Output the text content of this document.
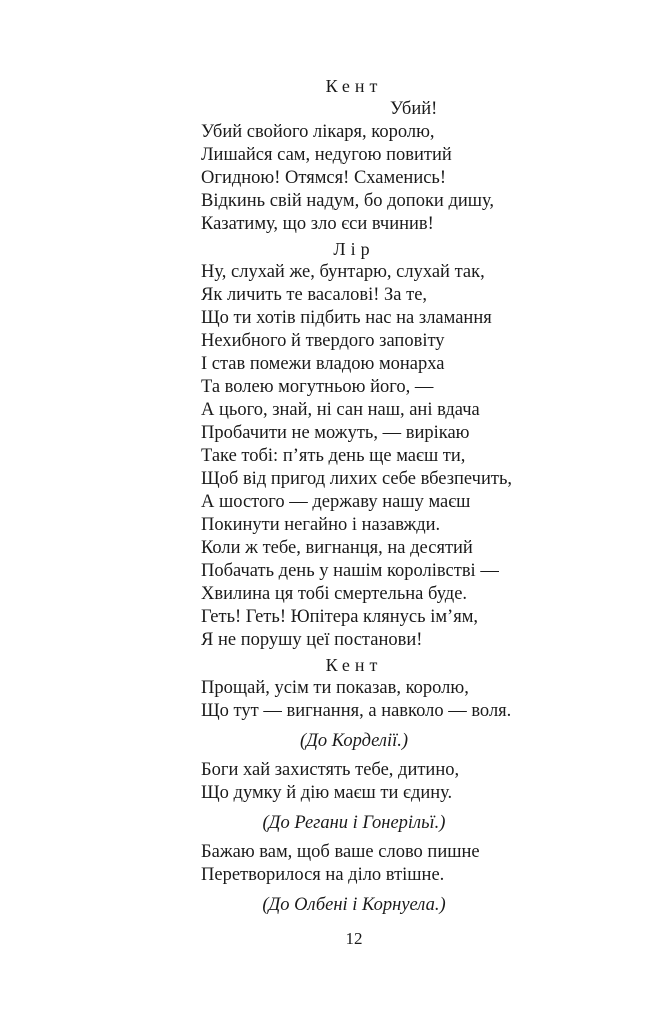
Кент
Убий!
Убий свойого лікаря, королю,
Лишайся сам, недугою повитий
Огидною! Отямся! Схаменись!
Відкинь свій надум, бо допоки дишу,
Казатиму, що зло єси вчинив!
Лір
Ну, слухай же, бунтарю, слухай так,
Як личить те васалові! За те,
Що ти хотів підбить нас на зламання
Нехибного й твердого заповіту
І став помежи владою монарха
Та волею могутньою його, —
А цього, знай, ні сан наш, ані вдача
Пробачити не можуть, — вирікаю
Таке тобі: п’ять день ще маєш ти,
Щоб від пригод лихих себе вбезпечить,
А шостого — державу нашу маєш
Покинути негайно і назавжди.
Коли ж тебе, вигнанця, на десятий
Побачать день у нашім королівстві —
Хвилина ця тобі смертельна буде.
Геть! Геть! Юпітера клянусь ім’ям,
Я не порушу цеї постанови!
Кент
Прощай, усім ти показав, королю,
Що тут — вигнання, а навколо — воля.
(До Корделії.)
Боги хай захистять тебе, дитино,
Що думку й дію маєш ти єдину.
(До Регани і Гонерільї.)
Бажаю вам, щоб ваше слово пишне
Перетворилося на діло втішне.
(До Олбені і Корнуела.)
12
